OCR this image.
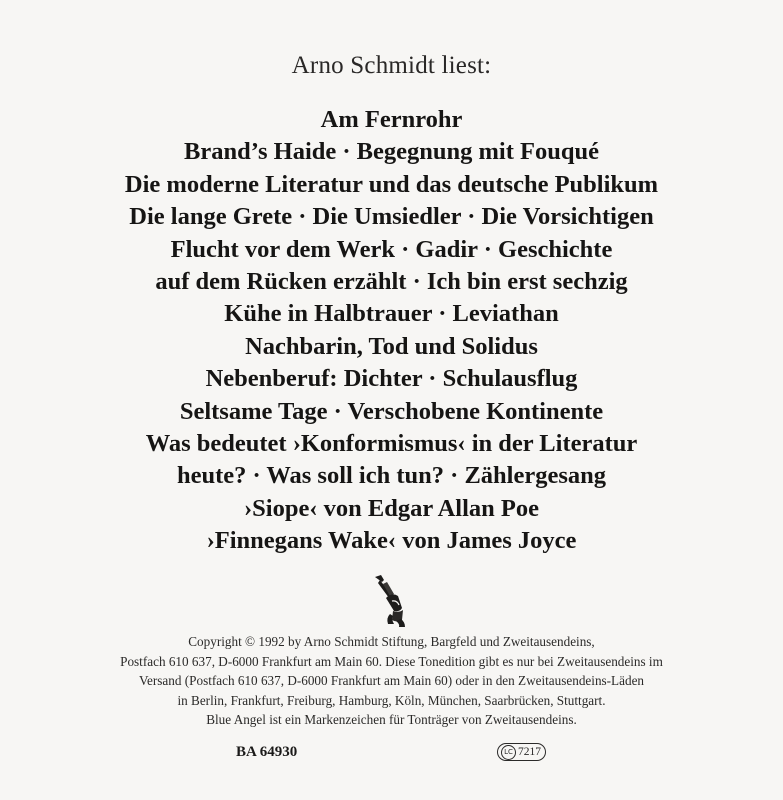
Arno Schmidt liest:
Am Fernrohr
Brand’s Haide · Begegnung mit Fouqué
Die moderne Literatur und das deutsche Publikum
Die lange Grete · Die Umsiedler · Die Vorsichtigen
Flucht vor dem Werk · Gadir · Geschichte
auf dem Rücken erzählt · Ich bin erst sechzig
Kühe in Halbtrauer · Leviathan
Nachbarin, Tod und Solidus
Nebenberuf: Dichter · Schulausflug
Seltsame Tage · Verschobene Kontinente
Was bedeutet ›Konformismus‹ in der Literatur
heute? · Was soll ich tun? · Zählergesang
›Siope‹ von Edgar Allan Poe
›Finnegans Wake‹ von James Joyce
Copyright © 1992 by Arno Schmidt Stiftung, Bargfeld und Zweitausendeins,
Postfach 610 637, D-6000 Frankfurt am Main 60. Diese Tonedition gibt es nur bei Zweitausendeins im
Versand (Postfach 610 637, D-6000 Frankfurt am Main 60) oder in den Zweitausendeins-Läden
in Berlin, Frankfurt, Freiburg, Hamburg, Köln, München, Saarbrücken, Stuttgart.
Blue Angel ist ein Markenzeichen für Tonträger von Zweitausendeins.
BA 64930	LC 7217
